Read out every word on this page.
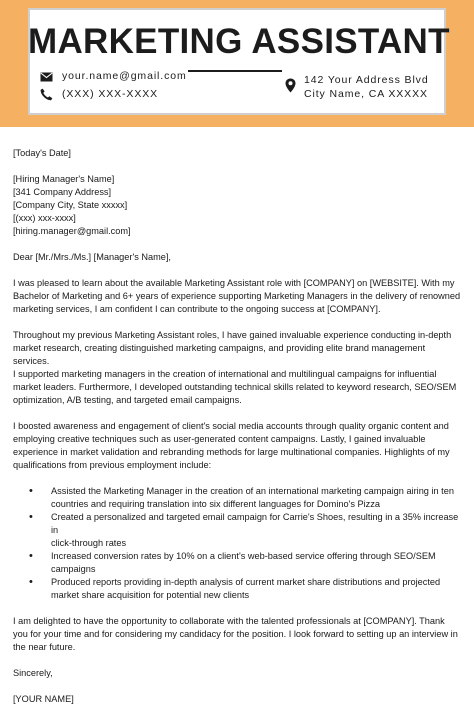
MARKETING ASSISTANT
your.name@gmail.com
(XXX) XXX-XXXX
142 Your Address Blvd
City Name, CA XXXXX

[Today's Date]

[Hiring Manager's Name]

[341 Company Address]

[Company City, State xxxxx]

[(xxx) xxx-xxxx]

[hiring.manager@gmail.com]

Dear [Mr./Mrs./Ms.] [Manager's Name],

I was pleased to learn about the available Marketing Assistant role with [COMPANY] on [WEBSITE]. With my

Bachelor of Marketing and 6+ years of experience supporting Marketing Managers in the delivery of renowned

marketing services, I am confident I can contribute to the ongoing success at [COMPANY].

Throughout my previous Marketing Assistant roles, I have gained invaluable experience conducting in-depth

market research, creating distinguished marketing campaigns, and providing elite brand management services.

I supported marketing managers in the creation of international and multilingual campaigns for influential

market leaders. Furthermore, I developed outstanding technical skills related to keyword research, SEO/SEM

optimization, A/B testing, and targeted email campaigns.

I boosted awareness and engagement of client's social media accounts through quality organic content and

employing creative techniques such as user-generated content campaigns. Lastly, I gained invaluable

experience in market validation and rebranding methods for large multinational companies. Highlights of my

qualifications from previous employment include:

• Assisted the Marketing Manager in the creation of an international marketing campaign airing in ten

countries and requiring translation into six different languages for Domino's Pizza

• Created a personalized and targeted email campaign for Carrie's Shoes, resulting in a 35% increase in

click-through rates

• Increased conversion rates by 10% on a client's web-based service offering through SEO/SEM

campaigns

• Produced reports providing in-depth analysis of current market share distributions and projected

market share acquisition for potential new clients

I am delighted to have the opportunity to collaborate with the talented professionals at [COMPANY]. Thank

you for your time and for considering my candidacy for the position. I look forward to setting up an interview in

the near future.

Sincerely,

[YOUR NAME]
